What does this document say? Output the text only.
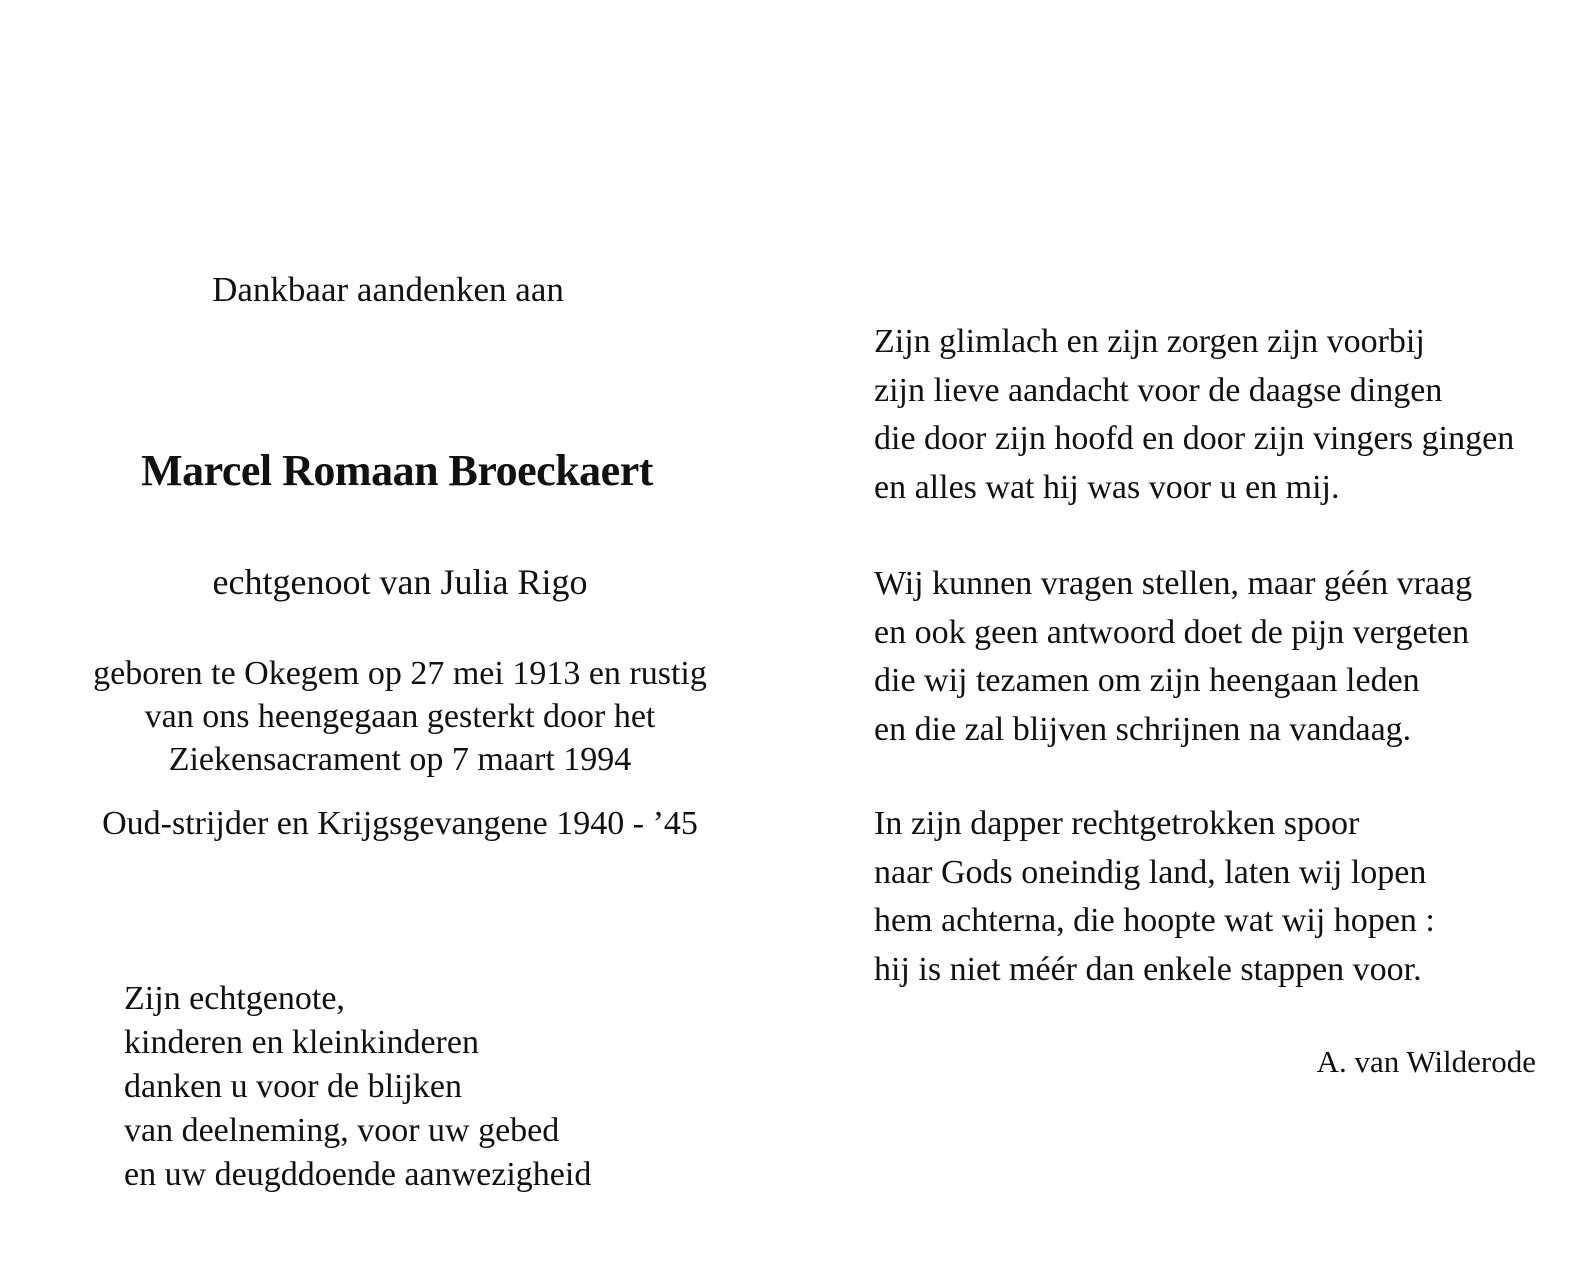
Dankbaar aandenken aan
Marcel Romaan Broeckaert
echtgenoot van Julia Rigo
geboren te Okegem op 27 mei 1913 en rustig
van ons heengegaan gesterkt door het
Ziekensacrament op 7 maart 1994
Oud-strijder en Krijgsgevangene 1940 - ’45
Zijn echtgenote,
kinderen en kleinkinderen
danken u voor de blijken
van deelneming, voor uw gebed
en uw deugddoende aanwezigheid
Zijn glimlach en zijn zorgen zijn voorbij
zijn lieve aandacht voor de daagse dingen
die door zijn hoofd en door zijn vingers gingen
en alles wat hij was voor u en mij.
Wij kunnen vragen stellen, maar géén vraag
en ook geen antwoord doet de pijn vergeten
die wij tezamen om zijn heengaan leden
en die zal blijven schrijnen na vandaag.
In zijn dapper rechtgetrokken spoor
naar Gods oneindig land, laten wij lopen
hem achterna, die hoopte wat wij hopen :
hij is niet méér dan enkele stappen voor.
A. van Wilderode
